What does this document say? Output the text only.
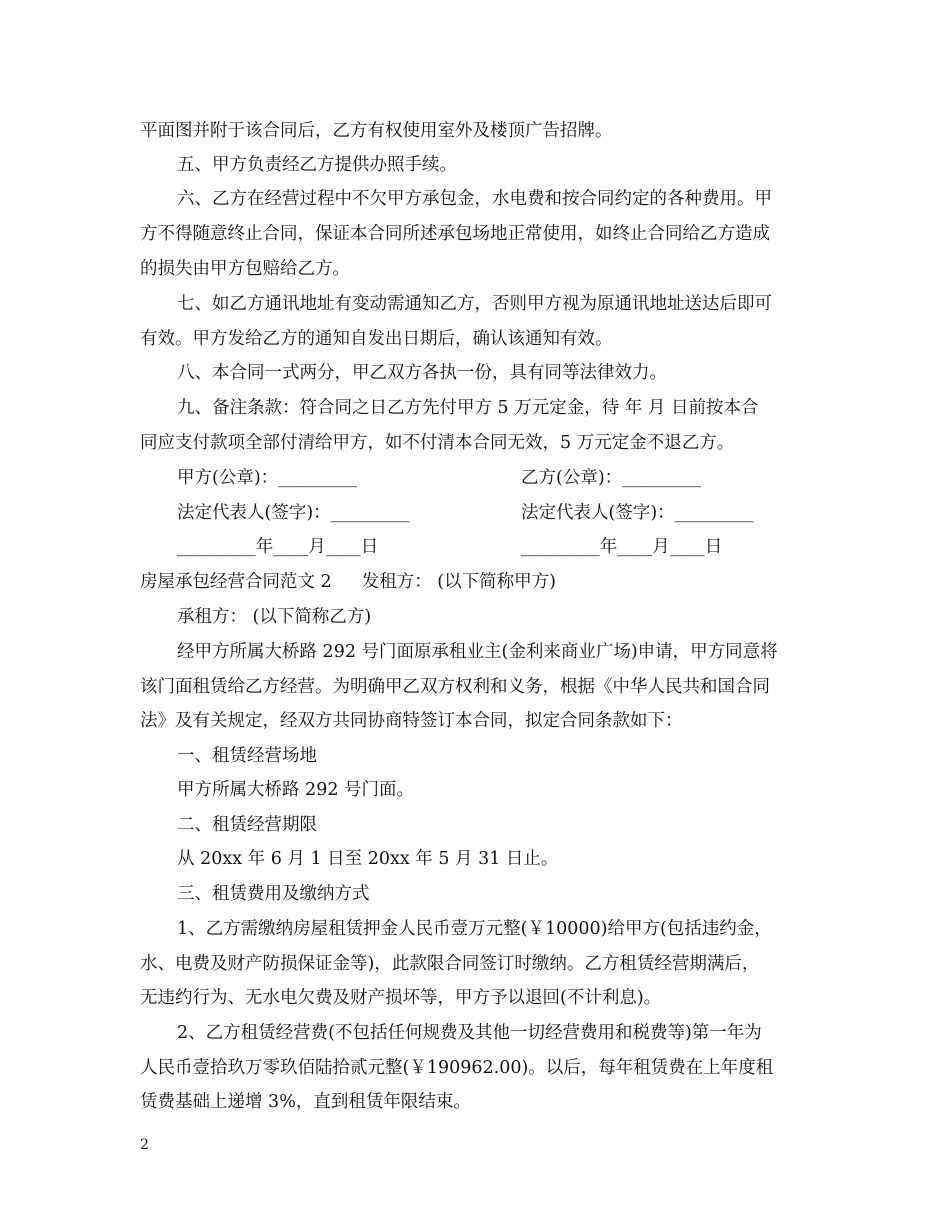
平面图并附于该合同后，乙方有权使用室外及楼顶广告招牌。
五、甲方负责经乙方提供办照手续。
六、乙方在经营过程中不欠甲方承包金，水电费和按合同约定的各种费用。甲
方不得随意终止合同，保证本合同所述承包场地正常使用，如终止合同给乙方造成
的损失由甲方包赔给乙方。
七、如乙方通讯地址有变动需通知乙方，否则甲方视为原通讯地址送达后即可
有效。甲方发给乙方的通知自发出日期后，确认该通知有效。
八、本合同一式两分，甲乙双方各执一份，具有同等法律效力。
九、备注条款：符合同之日乙方先付甲方 5 万元定金，待 年 月 日前按本合
同应支付款项全部付清给甲方，如不付清本合同无效，5 万元定金不退乙方。
甲方(公章)：_________	乙方(公章)：_________
法定代表人(签字)：_________	法定代表人(签字)：_________
_________年____月____日	_________年____月____日
房屋承包经营合同范文 2 发租方： (以下简称甲方)
承租方： (以下简称乙方)
经甲方所属大桥路 292 号门面原承租业主(金利来商业广场)申请，甲方同意将
该门面租赁给乙方经营。为明确甲乙双方权利和义务，根据《中华人民共和国合同
法》及有关规定，经双方共同协商特签订本合同，拟定合同条款如下：
一、租赁经营场地
甲方所属大桥路 292 号门面。
二、租赁经营期限
从 20xx 年 6 月 1 日至 20xx 年 5 月 31 日止。
三、租赁费用及缴纳方式
1、乙方需缴纳房屋租赁押金人民币壹万元整(￥10000)给甲方(包括违约金，
水、电费及财产防损保证金等)，此款限合同签订时缴纳。乙方租赁经营期满后，
无违约行为、无水电欠费及财产损坏等，甲方予以退回(不计利息)。
2、乙方租赁经营费(不包括任何规费及其他一切经营费用和税费等)第一年为
人民币壹拾玖万零玖佰陆拾贰元整(￥190962.00)。以后，每年租赁费在上年度租
赁费基础上递增 3%，直到租赁年限结束。
2
